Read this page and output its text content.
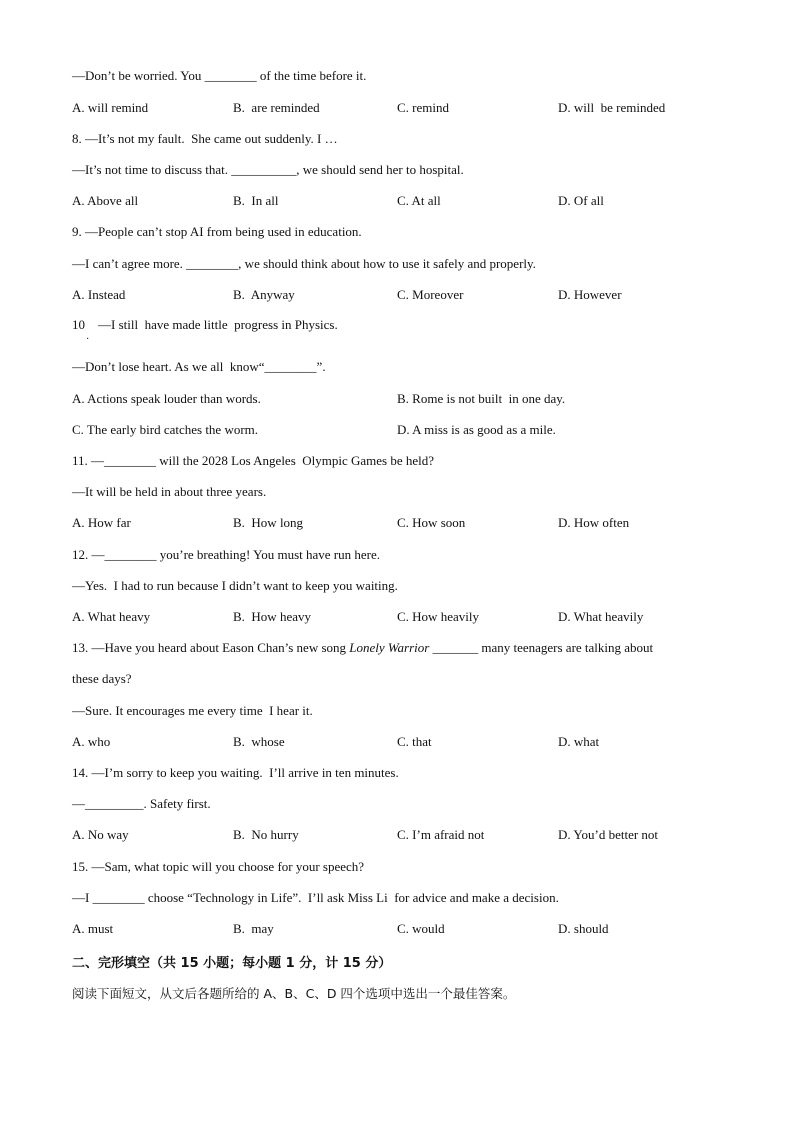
—Don’t be worried. You ________ of the time before it.
A. will remind	B.  are reminded	C. remind	D. will  be reminded
8. —It’s not my fault.  She came out suddenly. I …
—It’s not time to discuss that. __________, we should send her to hospital.
A. Above all	B.  In all	C. At all	D. Of all
9. —People can’t stop AI from being used in education.
—I can’t agree more. ________, we should think about how to use it safely and properly.
A. Instead	B.  Anyway	C. Moreover	D. However
10    —I still  have made little  progress in Physics.
·
—Don’t lose heart. As we all  know“________”.
A. Actions speak louder than words.	B. Rome is not built  in one day.
C. The early bird catches the worm.	D. A miss is as good as a mile.
11. —________ will the 2028 Los Angeles  Olympic Games be held?
—It will be held in about three years.
A. How far	B.  How long	C. How soon	D. How often
12. —________ you’re breathing! You must have run here.
—Yes.  I had to run because I didn’t want to keep you waiting.
A. What heavy	B.  How heavy	C. How heavily	D. What heavily
13. —Have you heard about Eason Chan’s new song Lonely Warrior _______ many teenagers are talking about
these days?
—Sure. It encourages me every time  I hear it.
A. who	B.  whose	C. that	D. what
14. —I’m sorry to keep you waiting.  I’ll arrive in ten minutes.
—_________. Safety first.
A. No way	B.  No hurry	C. I’m afraid not	D. You’d better not
15. —Sam, what topic will you choose for your speech?
—I ________ choose “Technology in Life”.  I’ll ask Miss Li  for advice and make a decision.
A. must	B.  may	C. would	D. should
二、完形填空（共 15 小题；每小题 1 分，计 15 分）
阅读下面短文，从文后各题所给的 A、B、C、D 四个选项中选出一个最佳答案。
